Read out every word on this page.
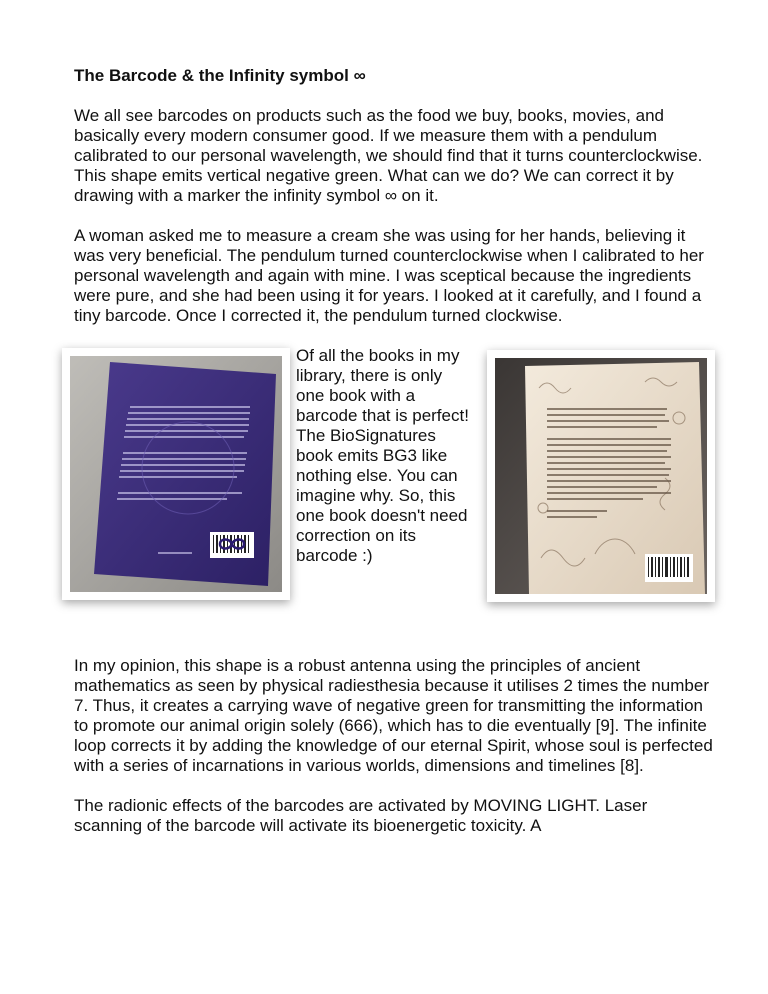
The Barcode & the Infinity symbol ∞

We all see barcodes on products such as the food we buy, books, movies, and basically every modern consumer good. If we measure them with a pendulum calibrated to our personal wavelength, we should find that it turns counterclockwise. This shape emits vertical negative green. What can we do? We can correct it by drawing with a marker the infinity symbol ∞ on it.

A woman asked me to measure a cream she was using for her hands, believing it was very beneficial. The pendulum turned counterclockwise when I calibrated to her personal wavelength and again with mine. I was sceptical because the ingredients were pure, and she had been using it for years. I looked at it carefully, and I found a tiny barcode. Once I corrected it, the pendulum turned clockwise.

Of all the books in my library, there is only one book with a barcode that is perfect! The BioSignatures book emits BG3 like nothing else. You can imagine why. So, this one book doesn't need correction on its barcode :)

In my opinion, this shape is a robust antenna using the principles of ancient mathematics as seen by physical radiesthesia because it utilises 2 times the number 7. Thus, it creates a carrying wave of negative green for transmitting the information to promote our animal origin solely (666), which has to die eventually [9]. The infinite loop corrects it by adding the knowledge of our eternal Spirit, whose soul is perfected with a series of incarnations in various worlds, dimensions and timelines [8].

The radionic effects of the barcodes are activated by MOVING LIGHT. Laser scanning of the barcode will activate its bioenergetic toxicity. A
